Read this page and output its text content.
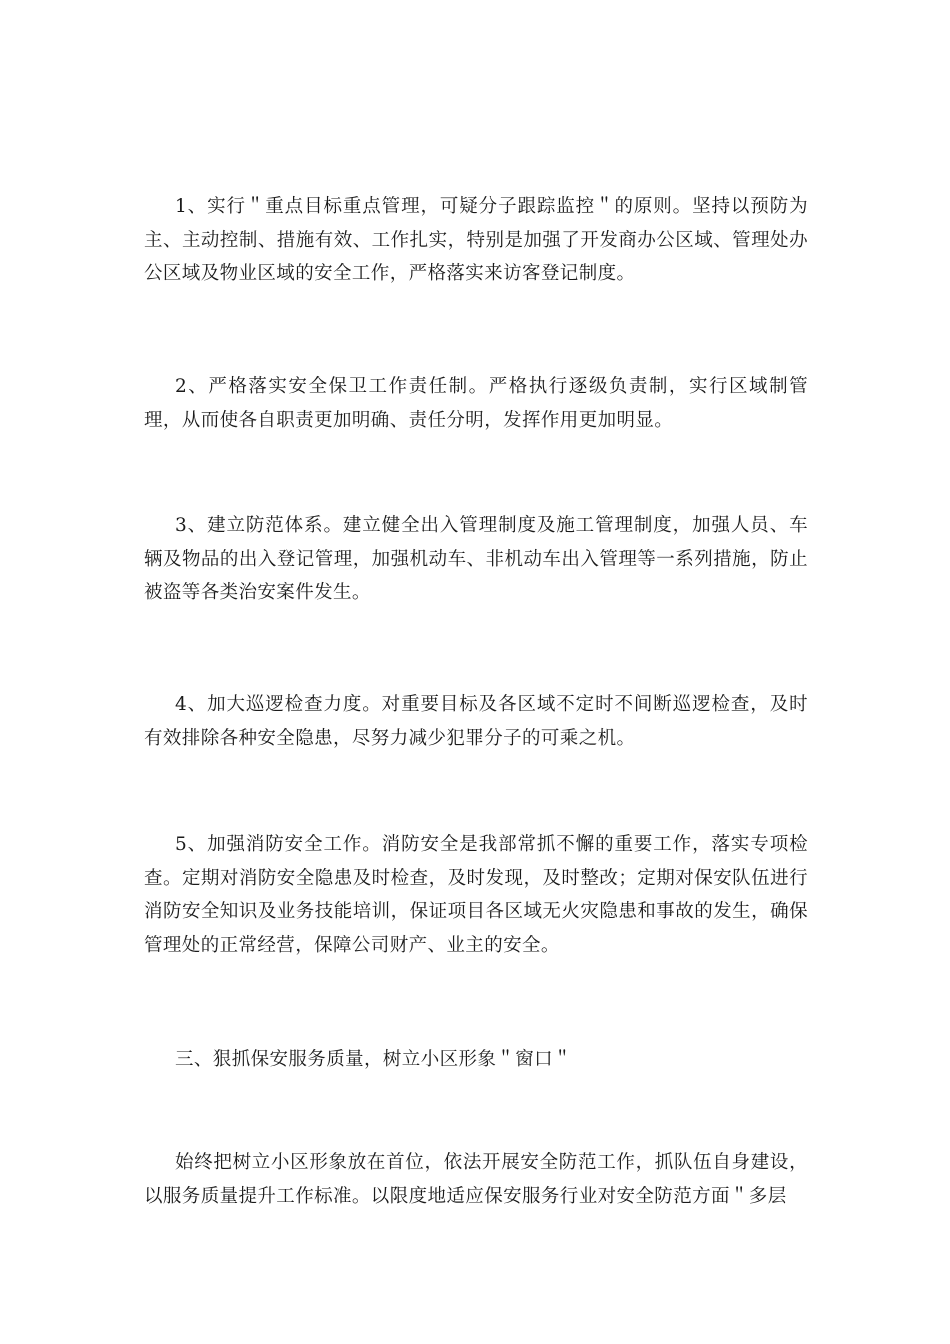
1、实行＂重点目标重点管理，可疑分子跟踪监控＂的原则。坚持以预防为主、主动控制、措施有效、工作扎实，特别是加强了开发商办公区域、管理处办公区域及物业区域的安全工作，严格落实来访客登记制度。

2、严格落实安全保卫工作责任制。严格执行逐级负责制，实行区域制管理，从而使各自职责更加明确、责任分明，发挥作用更加明显。

3、建立防范体系。建立健全出入管理制度及施工管理制度，加强人员、车辆及物品的出入登记管理，加强机动车、非机动车出入管理等一系列措施，防止被盗等各类治安案件发生。

4、加大巡逻检查力度。对重要目标及各区域不定时不间断巡逻检查，及时有效排除各种安全隐患，尽努力减少犯罪分子的可乘之机。

5、加强消防安全工作。消防安全是我部常抓不懈的重要工作，落实专项检查。定期对消防安全隐患及时检查，及时发现，及时整改；定期对保安队伍进行消防安全知识及业务技能培训，保证项目各区域无火灾隐患和事故的发生，确保管理处的正常经营，保障公司财产、业主的安全。

三、狠抓保安服务质量，树立小区形象＂窗口＂

始终把树立小区形象放在首位，依法开展安全防范工作，抓队伍自身建设，以服务质量提升工作标准。以限度地适应保安服务行业对安全防范方面＂多层
